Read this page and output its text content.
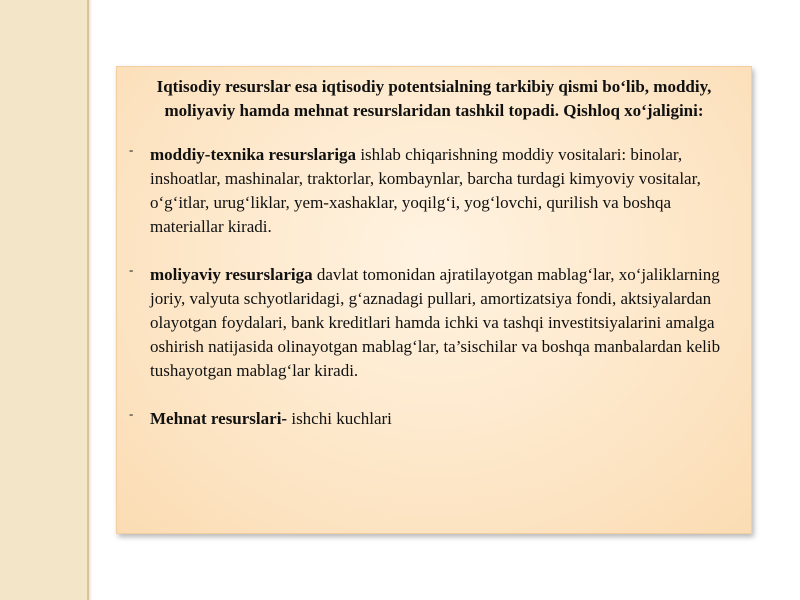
Iqtisodiy resurslar esa iqtisodiy potentsialning tarkibiy qismi bo‘lib, moddiy, moliyaviy hamda mehnat resurslaridan tashkil topadi. Qishloq xo‘jaligini:

- moddiy-texnika resurslariga ishlab chiqarishning moddiy vositalari: binolar, inshoatlar, mashinalar, traktorlar, kombaynlar, barcha turdagi kimyoviy vositalar, o‘g‘itlar, urug‘liklar, yem-xashaklar, yoqilg‘i, yog‘lovchi, qurilish va boshqa materiallar kiradi.
- moliyaviy resurslariga davlat tomonidan ajratilayotgan mablag‘lar, xo‘jaliklarning joriy, valyuta schyotlaridagi, g‘aznadagi pullari, amortizatsiya fondi, aktsiyalardan olayotgan foydalari, bank kreditlari hamda ichki va tashqi investitsiyalarini amalga oshirish natijasida olinayotgan mablag‘lar, ta’sischilar va boshqa manbalardan kelib tushayotgan mablag‘lar kiradi.
- Mehnat resurslari- ishchi kuchlari
